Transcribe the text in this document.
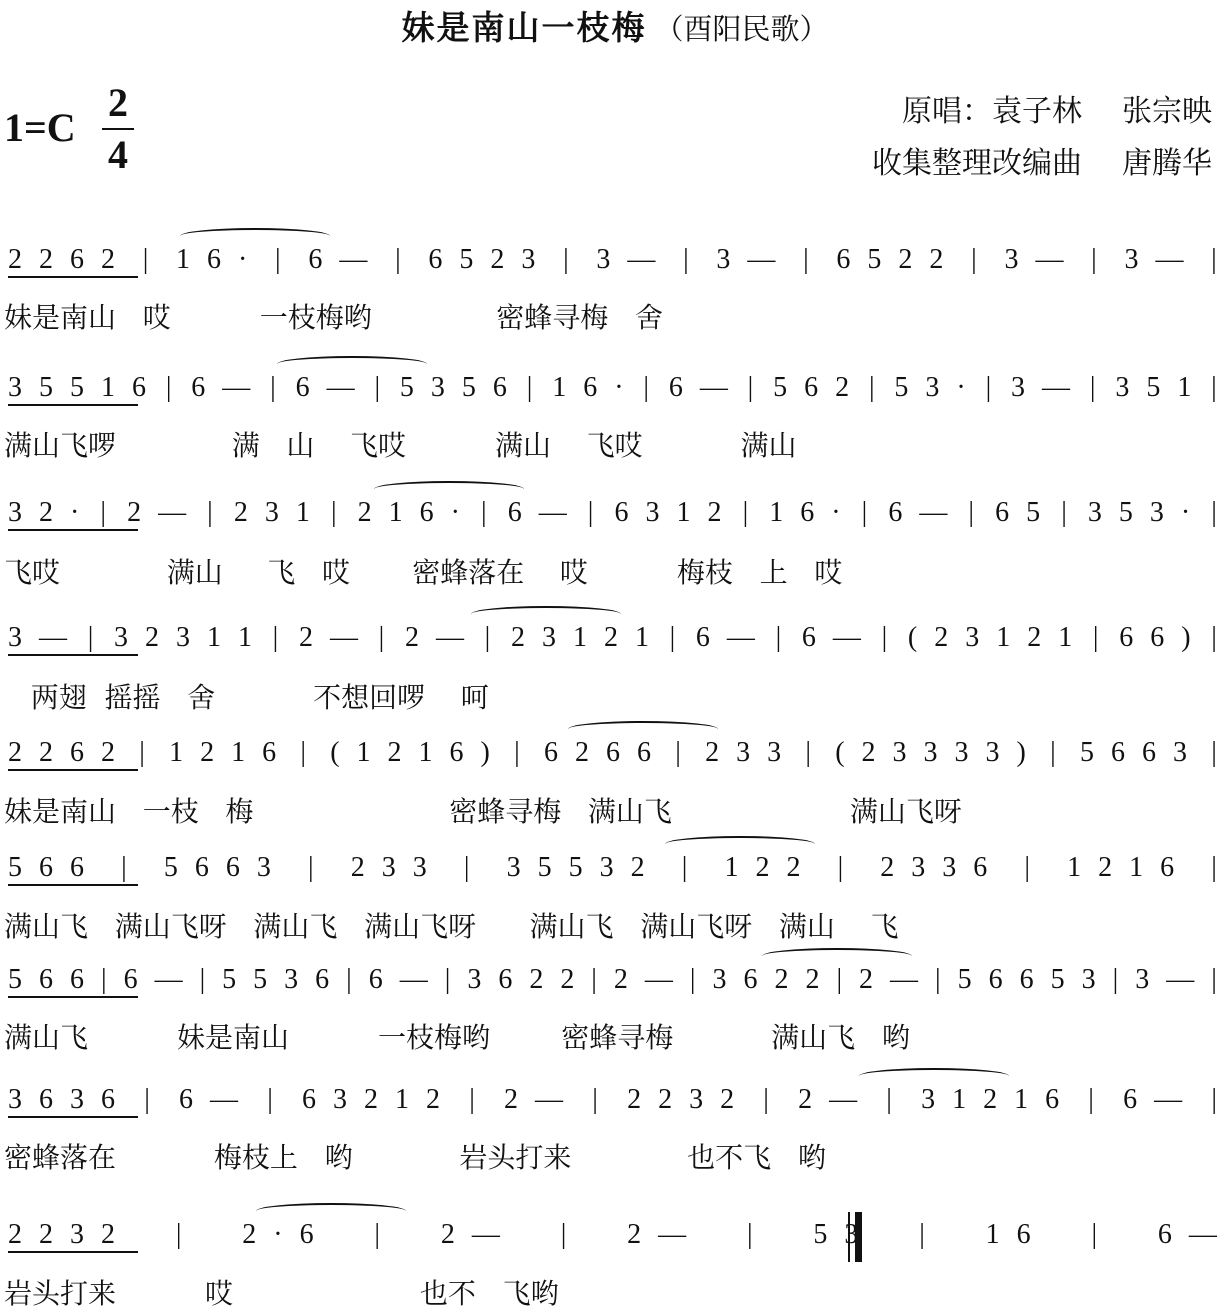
妹是南山一枝梅 （酉阳民歌）
1=C
2
4
原唱：袁子林 张宗映
收集整理改编曲 唐腾华
2 2 6 2 | 1 6 · | 6 — | 6 5 2 3 | 3 — | 3 — | 6 5 2 2 | 3 — | 3 — |
妹是南山   哎          一枝梅哟              密蜂寻梅   舍
3 5 5 1 6 | 6 — | 6 — | 5 3 5 6 | 1 6 · | 6 — | 5 6 2 | 5 3 · | 3 — | 3 5 1 |
满山飞啰             满   山    飞哎          满山    飞哎           满山
3 2 · | 2 — | 2 3 1 | 2 1 6 · | 6 — | 6 3 1 2 | 1 6 · | 6 — | 6 5 | 3 5 3 · |
飞哎            满山     飞   哎       密蜂落在    哎          梅枝   上   哎
3 — | 3 2 3 1 1 | 2 — | 2 — | 2 3 1 2 1 | 6 — | 6 — | ( 2 3 1 2 1 | 6 6 ) |
两翅  摇摇   舍           不想回啰    呵
2 2 6 2 | 1 2 1 6 | ( 1 2 1 6 ) | 6 2 6 6 | 2 3 3 | ( 2 3 3 3 3 ) | 5 6 6 3 |
妹是南山   一枝   梅                      密蜂寻梅   满山飞                    满山飞呀
5 6 6 | 5 6 6 3 | 2 3 3 | 3 5 5 3 2 | 1 2 2 | 2 3 3 6 | 1 2 1 6 |
满山飞   满山飞呀   满山飞   满山飞呀      满山飞   满山飞呀   满山    飞
5 6 6 | 6 — | 5 5 3 6 | 6 — | 3 6 2 2 | 2 — | 3 6 2 2 | 2 — | 5 6 6 5 3 | 3 — |
满山飞          妹是南山          一枝梅哟        密蜂寻梅           满山飞   哟
3 6 3 6 | 6 — | 6 3 2 1 2 | 2 — | 2 2 3 2 | 2 — | 3 1 2 1 6 | 6 — |
密蜂落在           梅枝上   哟            岩头打来             也不飞   哟
2 2 3 2 | 2 · 6 | 2 — | 2 — | 5 3 | 1 6 | 6 —
岩头打来          哎                     也不   飞哟
